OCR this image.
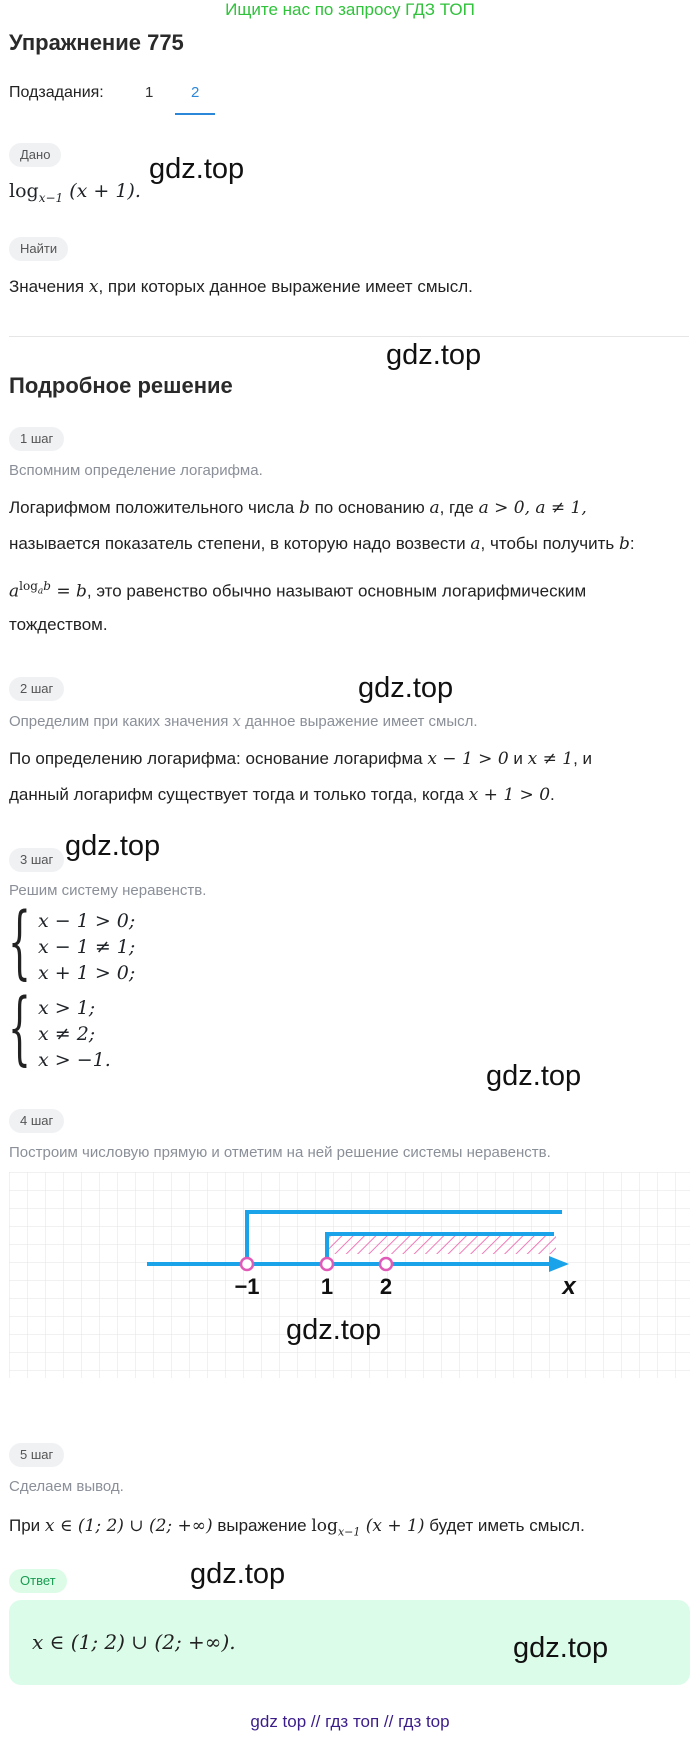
Ищите нас по запросу ГДЗ ТОП
Упражнение 775
Подзадания:	1	2
Дано
$\log_{x-1} (x + 1)$.
gdz.top
Найти
Значения x, при которых данное выражение имеет смысл.
gdz.top
Подробное решение
1 шаг
Вспомним определение логарифма.
Логарифмом положительного числа b по основанию a, где a > 0, a ≠ 1,
называется показатель степени, в которую надо возвести a, чтобы получить b:
$a^{log_ab} = b$, это равенство обычно называют основным логарифмическим
тождеством.
2 шаг	gdz.top
Определим при каких значения x данное выражение имеет смысл.
По определению логарифма: основание логарифма x − 1 > 0 и x ≠ 1, и
данный логарифм существует тогда и только тогда, когда x + 1 > 0.
3 шаг gdz.top
Решим систему неравенств.
{ x − 1 > 0;
x − 1 ≠ 1;
x + 1 > 0;
{ x > 1;
x ≠ 2;
x > −1.	gdz.top
4 шаг
Построим числовую прямую и отметим на ней решение системы неравенств.
−1	1 2	x
gdz.top
5 шаг
Сделаем вывод.
При x ∈ (1; 2) ∪ (2; +∞) выражение $\log_{x-1} (x + 1)$ будет иметь смысл.
Ответ	gdz.top
x ∈ (1; 2) ∪ (2; +∞).	gdz.top
gdz top // гдз топ // гдз top
